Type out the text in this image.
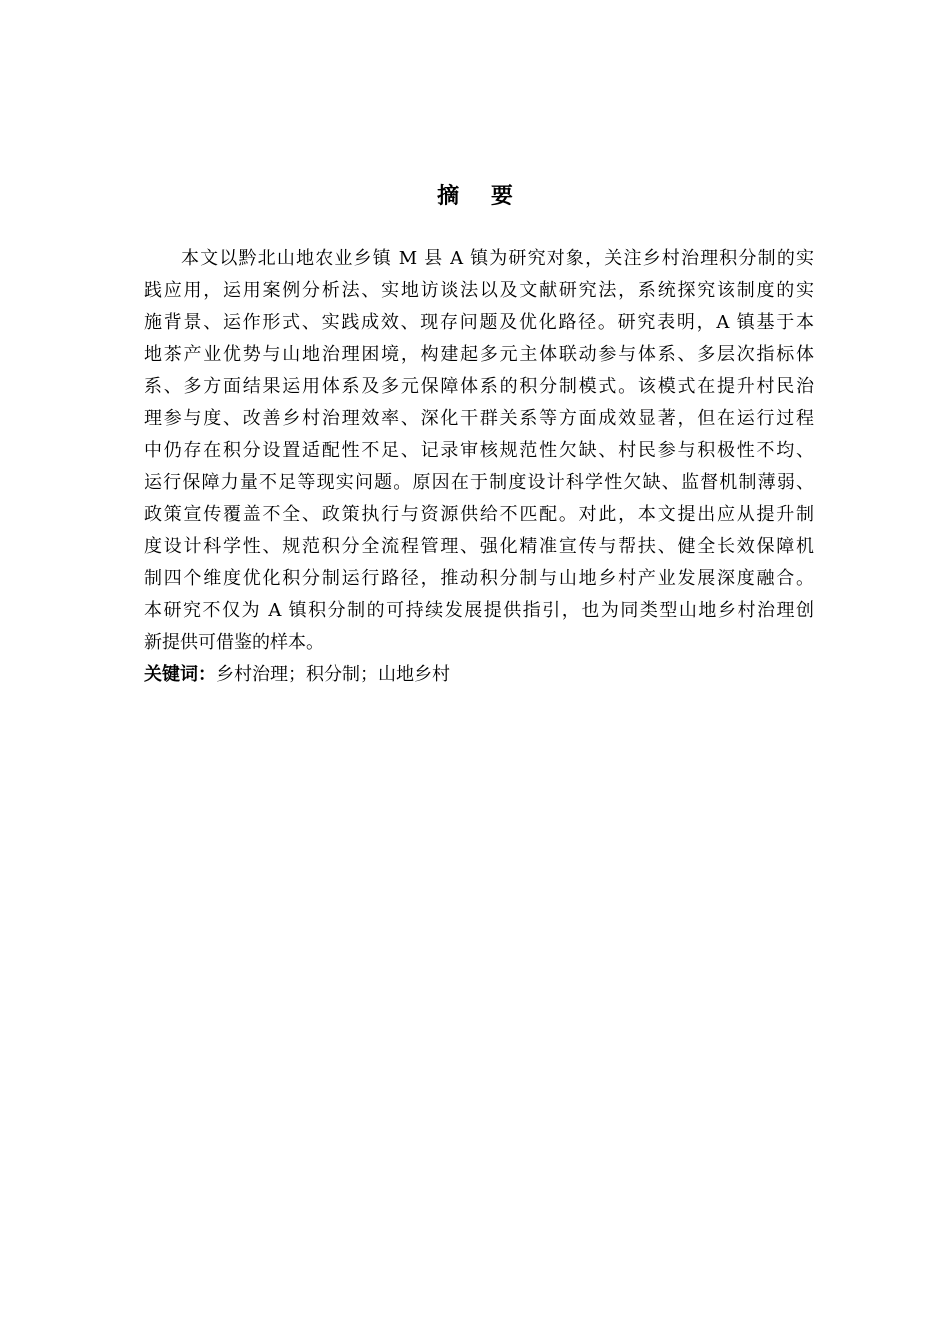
摘 要
本文以黔北山地农业乡镇 M 县 A 镇为研究对象，关注乡村治理积分制的实
践应用，运用案例分析法、实地访谈法以及文献研究法，系统探究该制度的实
施背景、运作形式、实践成效、现存问题及优化路径。研究表明，A 镇基于本
地茶产业优势与山地治理困境，构建起多元主体联动参与体系、多层次指标体
系、多方面结果运用体系及多元保障体系的积分制模式。该模式在提升村民治
理参与度、改善乡村治理效率、深化干群关系等方面成效显著，但在运行过程
中仍存在积分设置适配性不足、记录审核规范性欠缺、村民参与积极性不均、
运行保障力量不足等现实问题。原因在于制度设计科学性欠缺、监督机制薄弱、
政策宣传覆盖不全、政策执行与资源供给不匹配。对此，本文提出应从提升制
度设计科学性、规范积分全流程管理、强化精准宣传与帮扶、健全长效保障机
制四个维度优化积分制运行路径，推动积分制与山地乡村产业发展深度融合。
本研究不仅为 A 镇积分制的可持续发展提供指引，也为同类型山地乡村治理创
新提供可借鉴的样本。
关键词：乡村治理；积分制；山地乡村
